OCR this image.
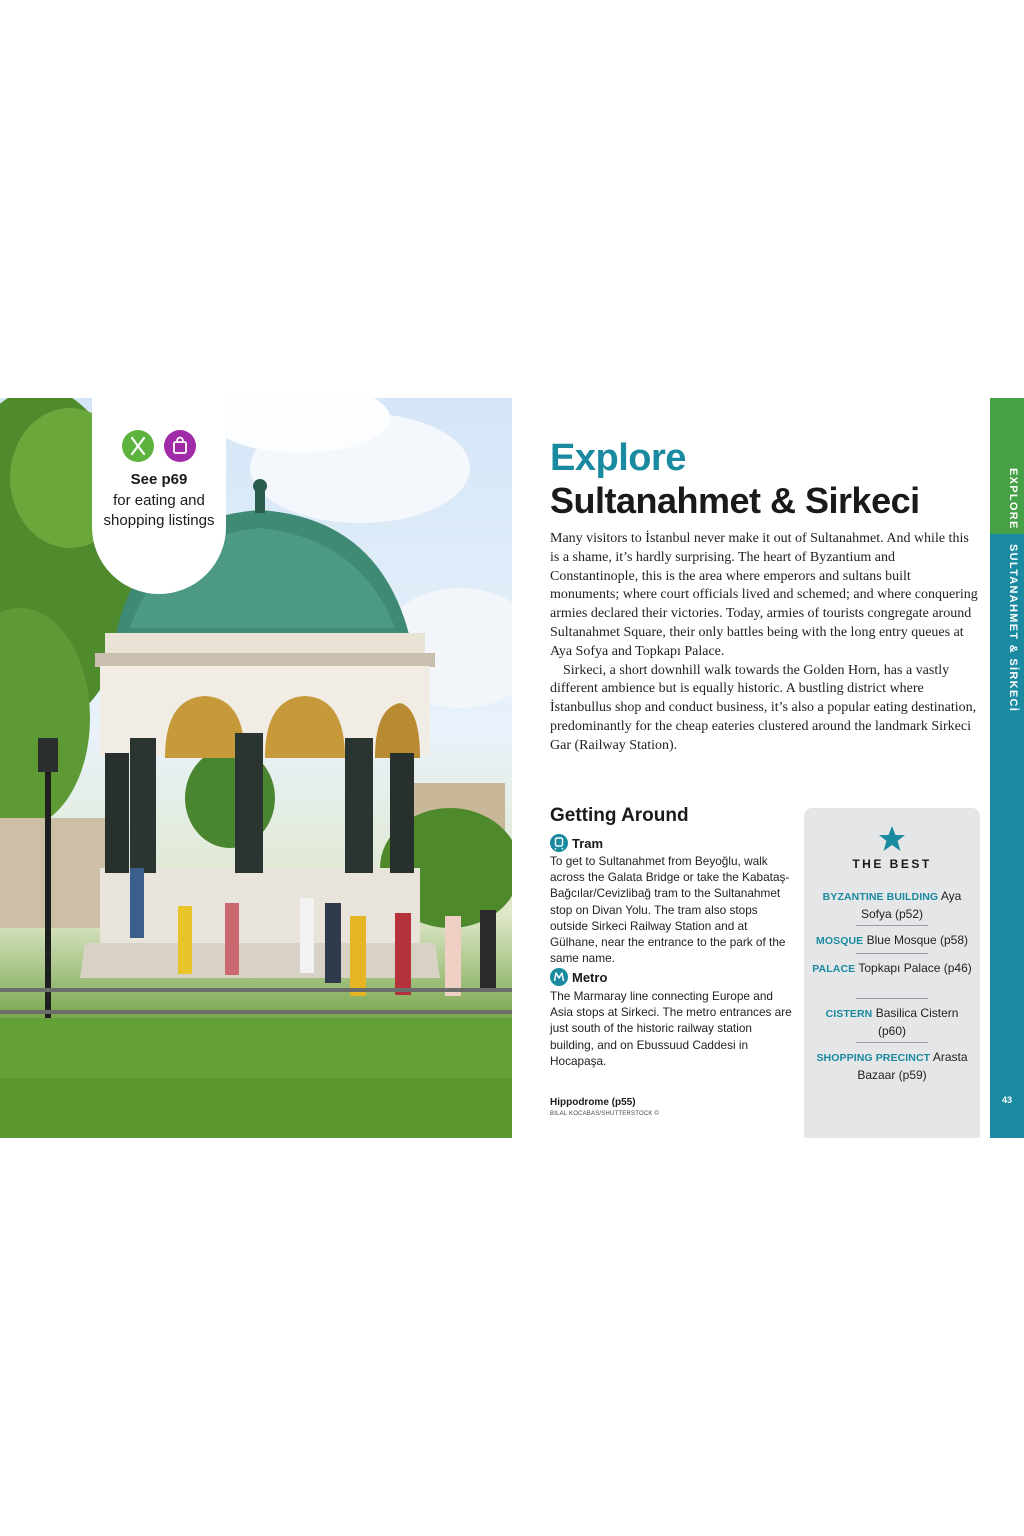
See p69
for eating and shopping listings
Explore
Sultanahmet & Sirkeci

Many visitors to İstanbul never make it out of Sultanahmet. And while this is a shame, it’s hardly surprising. The heart of Byzantium and Constantinople, this is the area where emperors and sultans built monuments; where court officials lived and schemed; and where conquering armies declared their victories. Today, armies of tourists congregate around Sultanahmet Square, their only battles being with the long entry queues at Aya Sofya and Topkapı Palace.

Sirkeci, a short downhill walk towards the Golden Horn, has a vastly different ambience but is equally historic. A bustling district where İstanbullus shop and conduct business, it’s also a popular eating destination, predominantly for the cheap eateries clustered around the landmark Sirkeci Gar (Railway Station).

Getting Around
Tram
To get to Sultanahmet from Beyoğlu, walk across the Galata Bridge or take the Kabataş-Bağcılar/Cevizlibağ tram to the Sultanahmet stop on Divan Yolu. The tram also stops outside Sirkeci Railway Station and at Gülhane, near the entrance to the park of the same name.
Metro
The Marmaray line connecting Europe and Asia stops at Sirkeci. The metro entrances are just south of the historic railway station building, and on Ebussuud Caddesi in Hocapaşa.
Hippodrome (p55)
BILAL KOCABAS/SHUTTERSTOCK ©
THE BEST
BYZANTINE BUILDING Aya Sofya (p52)
MOSQUE Blue Mosque (p58)
PALACE Topkapı Palace (p46)
CISTERN Basilica Cistern (p60)
SHOPPING PRECINCT Arasta Bazaar (p59)
EXPLORE
SULTANAHMET & SİRKECİ
43
